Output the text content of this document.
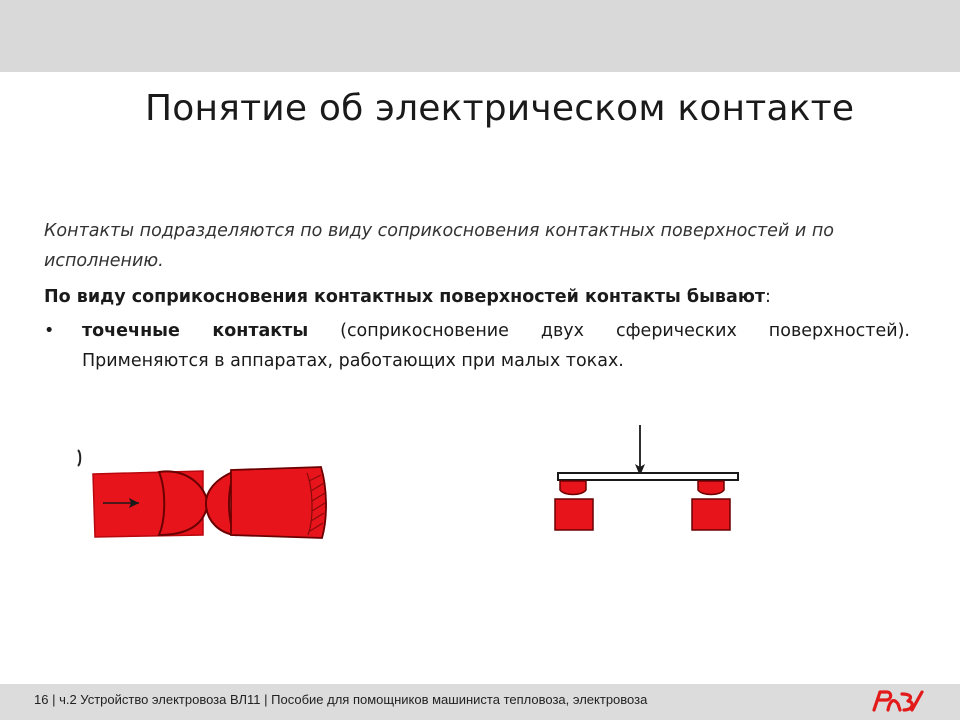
Понятие об электрическом контакте

Контакты подразделяются по виду соприкосновения контактных поверхностей и по исполнению.

По виду соприкосновения контактных поверхностей контакты бывают:

• точечные контакты (соприкосновение двух сферических поверхностей). Применяются в аппаратах, работающих при малых токах.
16 | ч.2 Устройство электровоза ВЛ11 | Пособие для помощников машиниста тепловоза, электровоза
